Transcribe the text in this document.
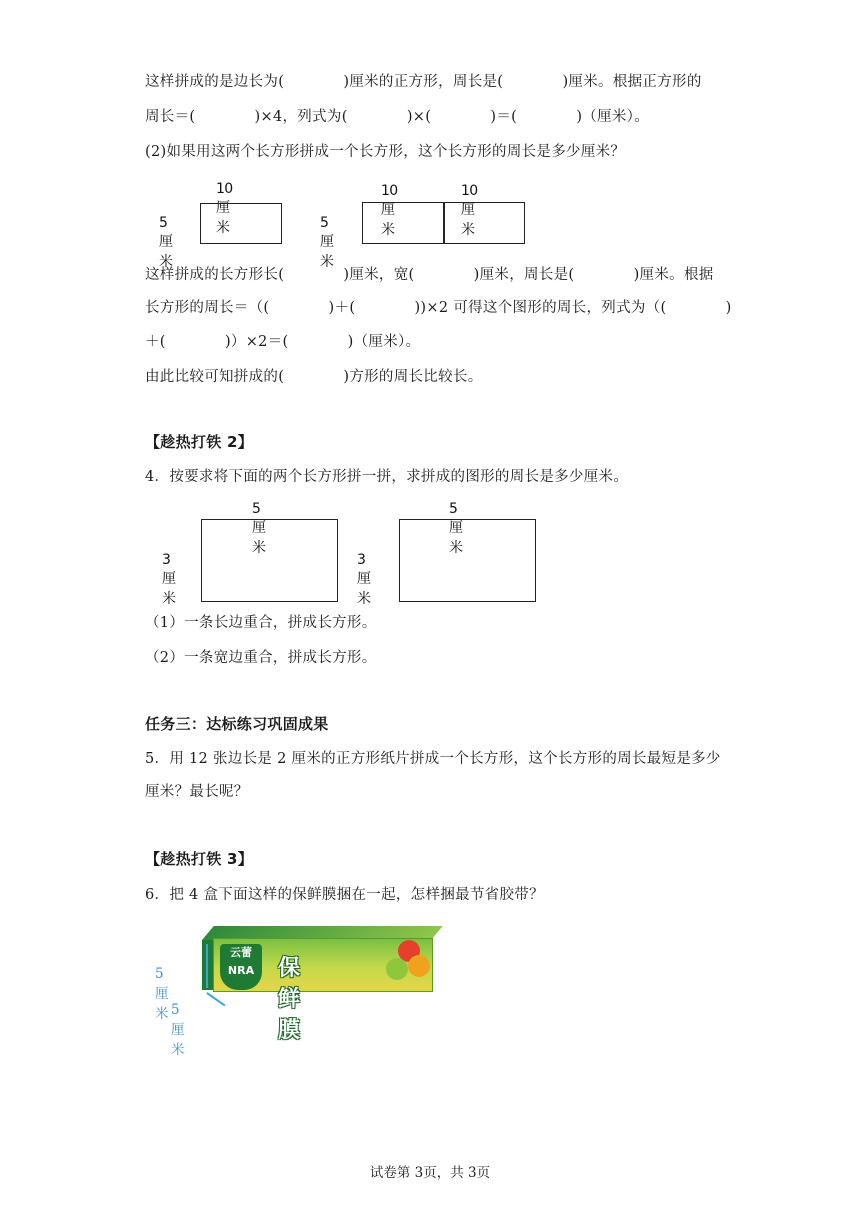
这样拼成的是边长为(　　　　)厘米的正方形，周长是(　　　　)厘米。根据正方形的
周长＝(　　　　)×4，列式为(　　　　)×(　　　　)＝(　　　　)（厘米）。
(2)如果用这两个长方形拼成一个长方形，这个长方形的周长是多少厘米？
10厘米
5厘米
10厘米
10厘米
5厘米
这样拼成的长方形长(　　　　)厘米，宽(　　　　)厘米，周长是(　　　　)厘米。根据
长方形的周长＝（(　　　　)＋(　　　　))×2 可得这个图形的周长，列式为（(　　　　)
＋(　　　　)）×2＝(　　　　)（厘米）。
由此比较可知拼成的(　　　　)方形的周长比较长。
【趁热打铁 2】
4．按要求将下面的两个长方形拼一拼，求拼成的图形的周长是多少厘米。
5厘米
3厘米
5厘米
3厘米
（1）一条长边重合，拼成长方形。
（2）一条宽边重合，拼成长方形。
任务三：达标练习巩固成果
5．用 12 张边长是 2 厘米的正方形纸片拼成一个长方形，这个长方形的周长最短是多少
厘米？最长呢？
【趁热打铁 3】
6．把 4 盒下面这样的保鲜膜捆在一起，怎样捆最节省胶带？
云蕾 NRA	保鲜膜
5 厘米 5 厘米
试卷第 3页，共 3页
